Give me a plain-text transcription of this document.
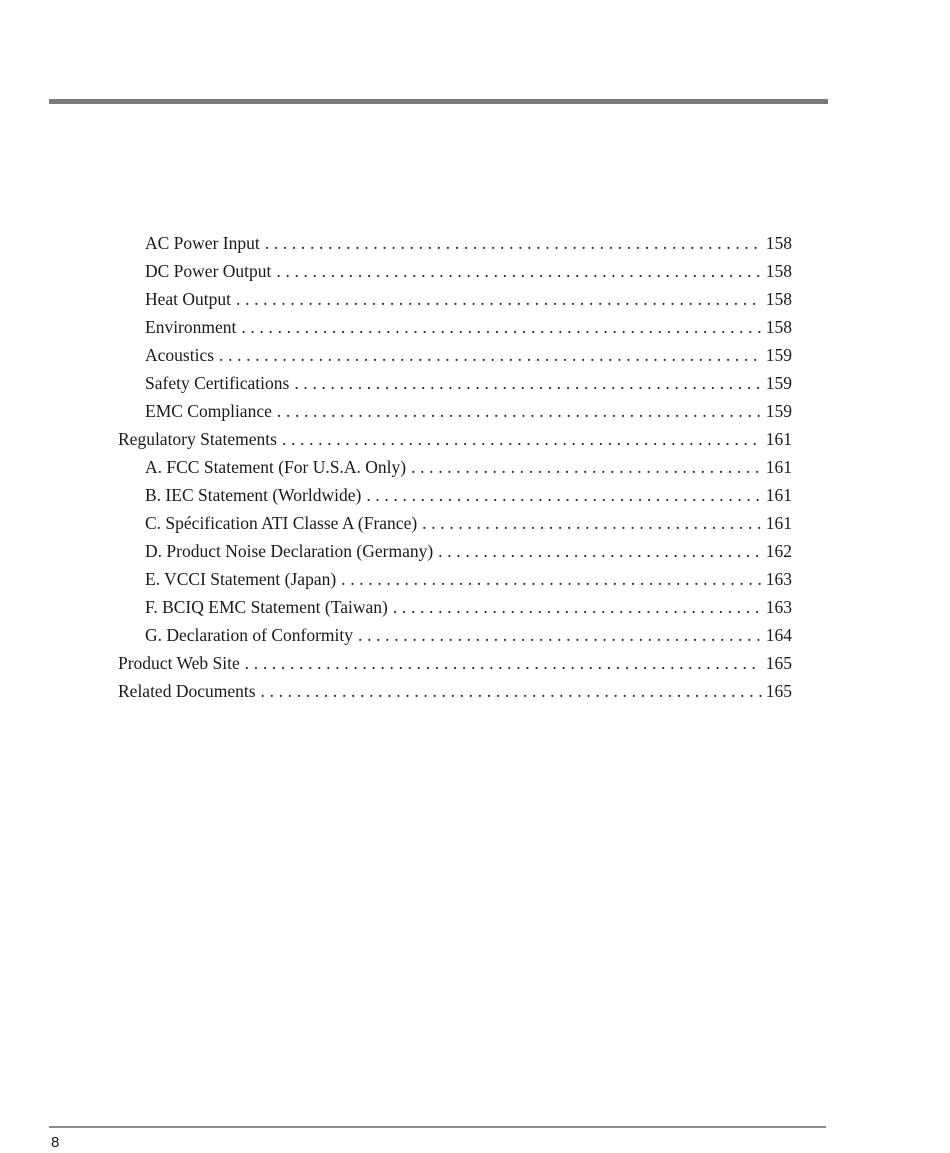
AC Power Input . . .	158
DC Power Output . . .	158
Heat Output . . .	158
Environment . . .	158
Acoustics . . .	159
Safety Certifications . . .	159
EMC Compliance . . .	159
Regulatory Statements . . .	161
A. FCC Statement (For U.S.A. Only) . . .	161
B. IEC Statement (Worldwide) . . .	161
C. Spécification ATI Classe A (France) . . .	161
D. Product Noise Declaration (Germany) . . .	162
E. VCCI Statement (Japan) . . .	163
F. BCIQ EMC Statement (Taiwan) . . .	163
G. Declaration of Conformity . . .	164
Product Web Site . . .	165
Related Documents . . .	165
8
